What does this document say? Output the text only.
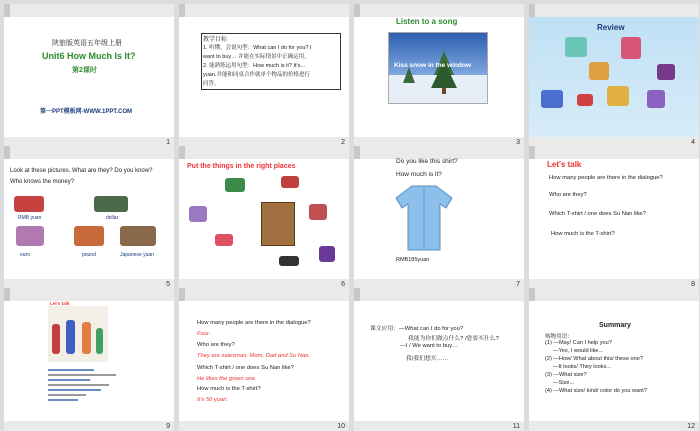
陕旅版英语五年级上册
Unit6 How Much Is It?
第2课时
第一PPT模板网-WWW.1PPT.COM
1
教学目标
1. 听懂，会说句型：What can I do for you? I
want to buy… 并能在实际情景中正确运用。
2. 能熟练运用句型：How much is it? It's…
yuan.并能和同桌合作就单个物品的价格进行
问答。
2
Listen to a song
Kiss snow in the window
3
Review
4
Look at these pictures. What are they? Do you know?
Who knows the money?
RMB yuan	dollar
euro	pound	Japanese yuan
5
Put the things in the right places
6
Do you like this shirt?
How much is it?
RMB185yuan
7
Let's talk
How many people are there in the dialogue?
Who are they?
Which T-shirt / one does Su Nan like?
How much is the T-shirt?
8
Let's talk
9
How many people are there in the dialogue?
Four.
Who are they?
They are salesman, Mom, Dad and Su Nan.
Which T-shirt / one does Su Nan like?
He likes the green one.
How much is the T-shirt?
It's 50 yuan.
10
课文应用：—What can I do for you?
我能为你们做点什么? /您要买什么?
—I / We want to buy…
我/我们想买……
11
Summary
购物用语：
(1) —May/ Can I help you?
—Yes, I would like...
(2) —How/ What about this/ these one?
—It looks/ They looks...
(3) —What size?
—Size...
(4) —What size/ kind/ color do you want?
12
